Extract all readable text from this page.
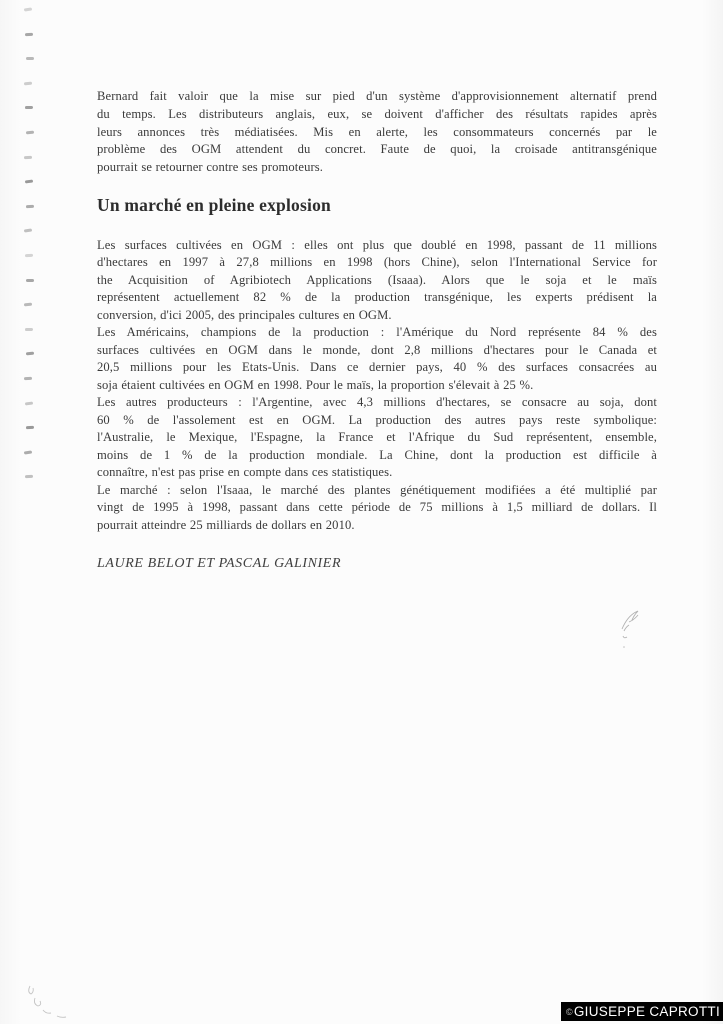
Bernard fait valoir que la mise sur pied d'un système d'approvisionnement alternatif prend
du temps. Les distributeurs anglais, eux, se doivent d'afficher des résultats rapides après
leurs annonces très médiatisées. Mis en alerte, les consommateurs concernés par le
problème des OGM attendent du concret. Faute de quoi, la croisade antitransgénique
pourrait se retourner contre ses promoteurs.
Un marché en pleine explosion
Les surfaces cultivées en OGM : elles ont plus que doublé en 1998, passant de 11 millions
d'hectares en 1997 à 27,8 millions en 1998 (hors Chine), selon l'International Service for
the Acquisition of Agribiotech Applications (Isaaa). Alors que le soja et le maïs
représentent actuellement 82 % de la production transgénique, les experts prédisent la
conversion, d'ici 2005, des principales cultures en OGM.
Les Américains, champions de la production : l'Amérique du Nord représente 84 % des
surfaces cultivées en OGM dans le monde, dont 2,8 millions d'hectares pour le Canada et
20,5 millions pour les Etats-Unis. Dans ce dernier pays, 40 % des surfaces consacrées au
soja étaient cultivées en OGM en 1998. Pour le maïs, la proportion s'élevait à 25 %.
Les autres producteurs : l'Argentine, avec 4,3 millions d'hectares, se consacre au soja, dont
60 % de l'assolement est en OGM. La production des autres pays reste symbolique:
l'Australie, le Mexique, l'Espagne, la France et l'Afrique du Sud représentent, ensemble,
moins de 1 % de la production mondiale. La Chine, dont la production est difficile à
connaître, n'est pas prise en compte dans ces statistiques.
Le marché : selon l'Isaaa, le marché des plantes génétiquement modifiées a été multiplié par
vingt de 1995 à 1998, passant dans cette période de 75 millions à 1,5 milliard de dollars. Il
pourrait atteindre 25 milliards de dollars en 2010.
LAURE BELOT ET PASCAL GALINIER
© GIUSEPPE CAPROTTI
